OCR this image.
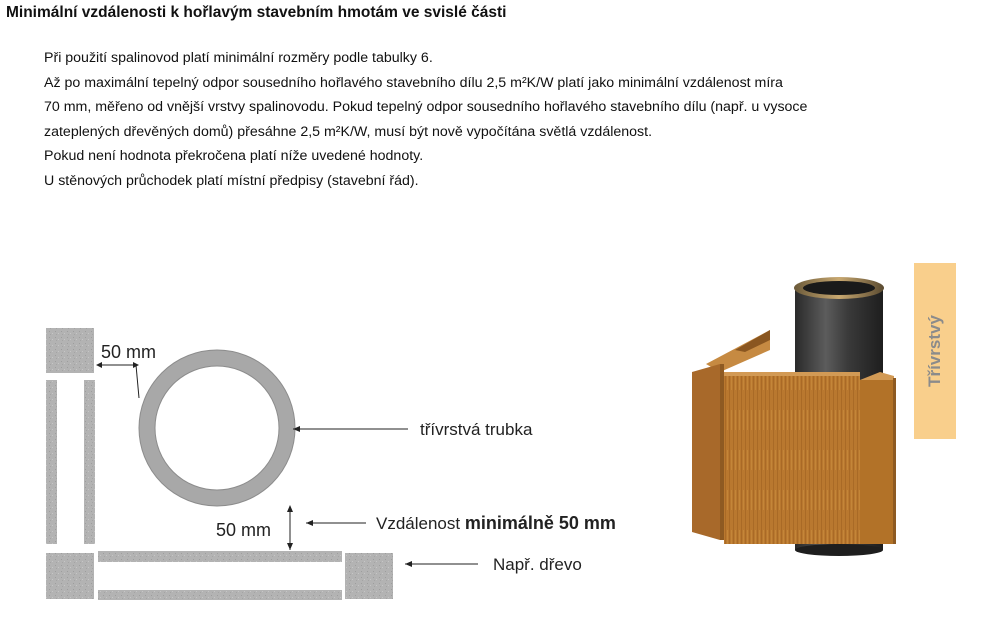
Minimální vzdálenosti k hořlavým stavebním hmotám ve svislé části
Při použití spalinovod platí minimální rozměry podle tabulky 6.
Až po maximální tepelný odpor sousedního hořlavého stavebního dílu 2,5 m²K/W platí jako minimální vzdálenost míra
70 mm, měřeno od vnější vrstvy spalinovodu. Pokud tepelný odpor sousedního hořlavého stavebního dílu (např. u vysoce
zateplených dřevěných domů) přesáhne 2,5 m²K/W, musí být nově vypočítána světlá vzdálenost.
Pokud není hodnota překročena platí níže uvedené hodnoty.
U stěnových průchodek platí místní předpisy (stavební řád).
50 mm
50 mm
třívrstvá trubka
Vzdálenost minimálně 50 mm
Např. dřevo
Třívrstvý
